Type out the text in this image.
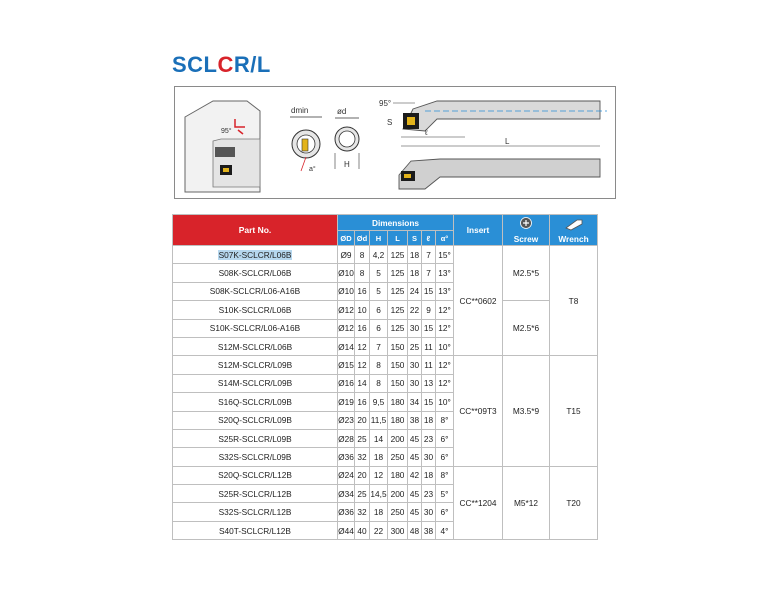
SCLCR/L
95°
dmin
a°
ød
H
95°
S
ℓ
L
Part No.	Dimensions							Insert	Screw	Wrench

	ØD	Ød	H	L	S	ℓ	α°			
S07K-SCLCR/L06B	Ø9	8	4,2	125	18	7	15°	CC**0602	M2.5*5	T8
S08K-SCLCR/L06B	Ø10	8	5	125	18	7	13°			
S08K-SCLCR/L06-A16B	Ø10	16	5	125	24	15	13°			
S10K-SCLCR/L06B	Ø12	10	6	125	22	9	12°		M2.5*6	
S10K-SCLCR/L06-A16B	Ø12	16	6	125	30	15	12°			
S12M-SCLCR/L06B	Ø14	12	7	150	25	11	10°			
S12M-SCLCR/L09B	Ø15	12	8	150	30	11	12°	CC**09T3	M3.5*9	T15
S14M-SCLCR/L09B	Ø16	14	8	150	30	13	12°			
S16Q-SCLCR/L09B	Ø19	16	9,5	180	34	15	10°			
S20Q-SCLCR/L09B	Ø23	20	11,5	180	38	18	8°			
S25R-SCLCR/L09B	Ø28	25	14	200	45	23	6°			
S32S-SCLCR/L09B	Ø36	32	18	250	45	30	6°			
S20Q-SCLCR/L12B	Ø24	20	12	180	42	18	8°	CC**1204	M5*12	T20
S25R-SCLCR/L12B	Ø34	25	14,5	200	45	23	5°			
S32S-SCLCR/L12B	Ø36	32	18	250	45	30	6°			
S40T-SCLCR/L12B	Ø44	40	22	300	48	38	4°			
